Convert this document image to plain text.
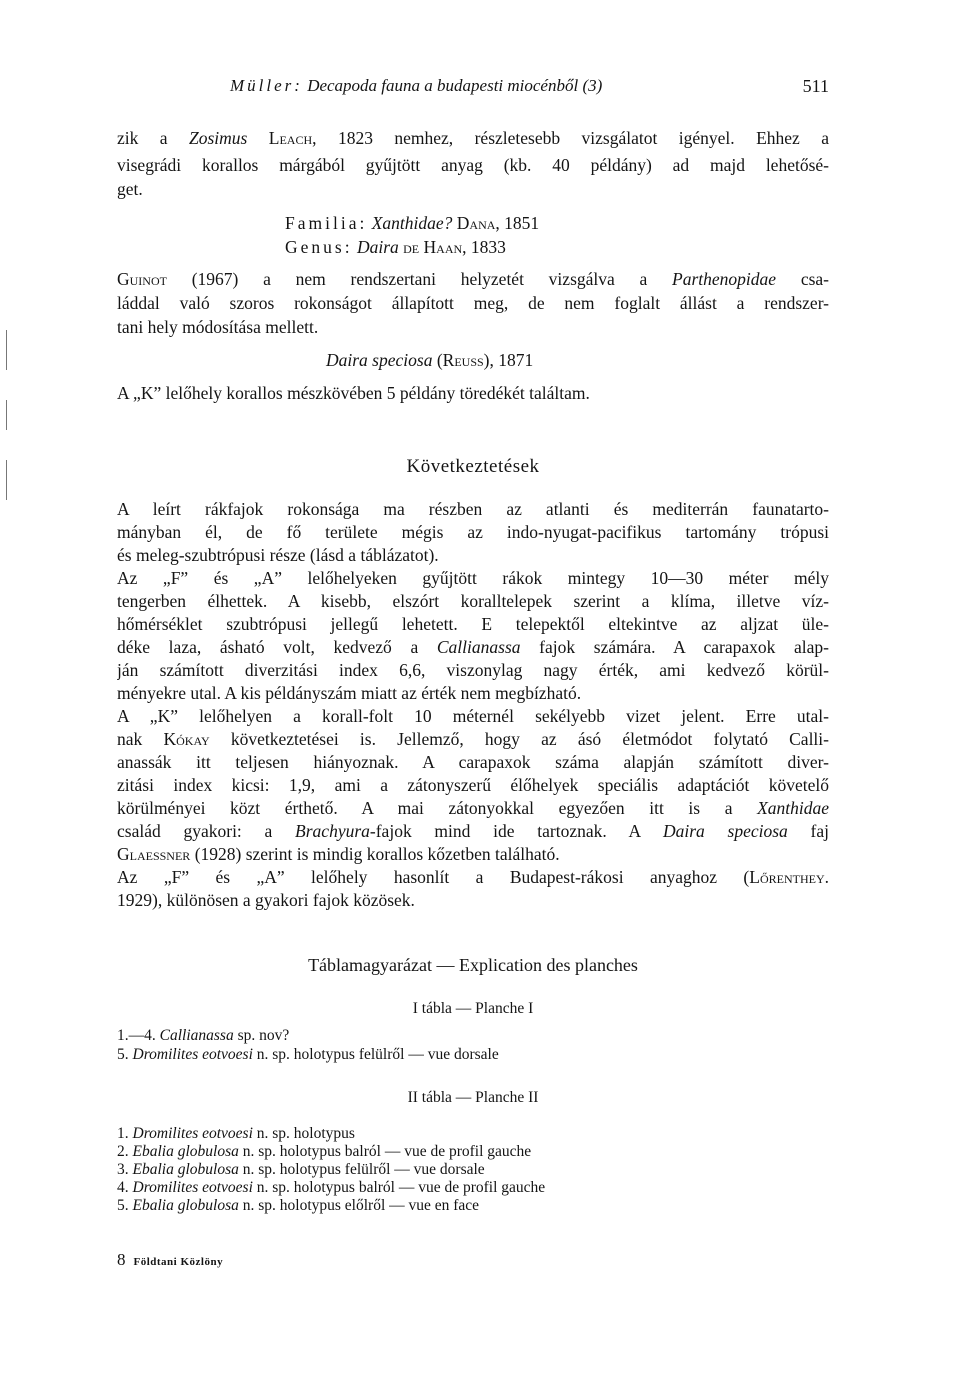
Müller: Decapoda fauna a budapesti miocénből (3)	511

zik a Zosimus Leach, 1823 nemhez, részletesebb vizsgálatot igényel. Ehhez a

visegrádi korallos márgából gyűjtött anyag (kb. 40 példány) ad majd lehetősé-

get.

Familia: Xanthidae? Dana, 1851

Genus: Daira de Haan, 1833

Guinot (1967) a nem rendszertani helyzetét vizsgálva a Parthenopidae csa-

láddal való szoros rokonságot állapított meg, de nem foglalt állást a rendszer-

tani hely módosítása mellett.

Daira speciosa (Reuss), 1871

A „K” lelőhely korallos mészkövében 5 példány töredékét találtam.

Következtetések

A leírt rákfajok rokonsága ma részben az atlanti és mediterrán faunatarto-

mányban él, de fő területe mégis az indo-nyugat-pacifikus tartomány trópusi

és meleg-szubtrópusi része (lásd a táblázatot).

Az „F” és „A” lelőhelyeken gyűjtött rákok mintegy 10—30 méter mély

tengerben élhettek. A kisebb, elszórt koralltelepek szerint a klíma, illetve víz-

hőmérséklet szubtrópusi jellegű lehetett. E telepektől eltekintve az aljzat üle-

déke laza, ásható volt, kedvező a Callianassa fajok számára. A carapaxok alap-

ján számított diverzitási index 6,6, viszonylag nagy érték, ami kedvező körül-

ményekre utal. A kis példányszám miatt az érték nem megbízható.

A „K” lelőhelyen a korall-folt 10 méternél sekélyebb vizet jelent. Erre utal-

nak Kókay következtetései is. Jellemző, hogy az ásó életmódot folytató Calli-

anassák itt teljesen hiányoznak. A carapaxok száma alapján számított diver-

zitási index kicsi: 1,9, ami a zátonyszerű élőhelyek speciális adaptációt követelő

körülményei közt érthető. A mai zátonyokkal egyezően itt is a Xanthidae

család gyakori: a Brachyura-fajok mind ide tartoznak. A Daira speciosa faj

Glaessner (1928) szerint is mindig korallos kőzetben található.

Az „F” és „A” lelőhely hasonlít a Budapest-rákosi anyaghoz (Lőrenthey.

1929), különösen a gyakori fajok közösek.

Táblamagyarázat — Explication des planches

I tábla — Planche I

1.—4. Callianassa sp. nov?

5. Dromilites eotvoesi n. sp. holotypus felülről — vue dorsale

II tábla — Planche II

1. Dromilites eotvoesi n. sp. holotypus

2. Ebalia globulosa n. sp. holotypus balról — vue de profil gauche

3. Ebalia globulosa n. sp. holotypus felülről — vue dorsale

4. Dromilites eotvoesi n. sp. holotypus balról — vue de profil gauche

5. Ebalia globulosa n. sp. holotypus előlről — vue en face

8 Földtani Közlöny
